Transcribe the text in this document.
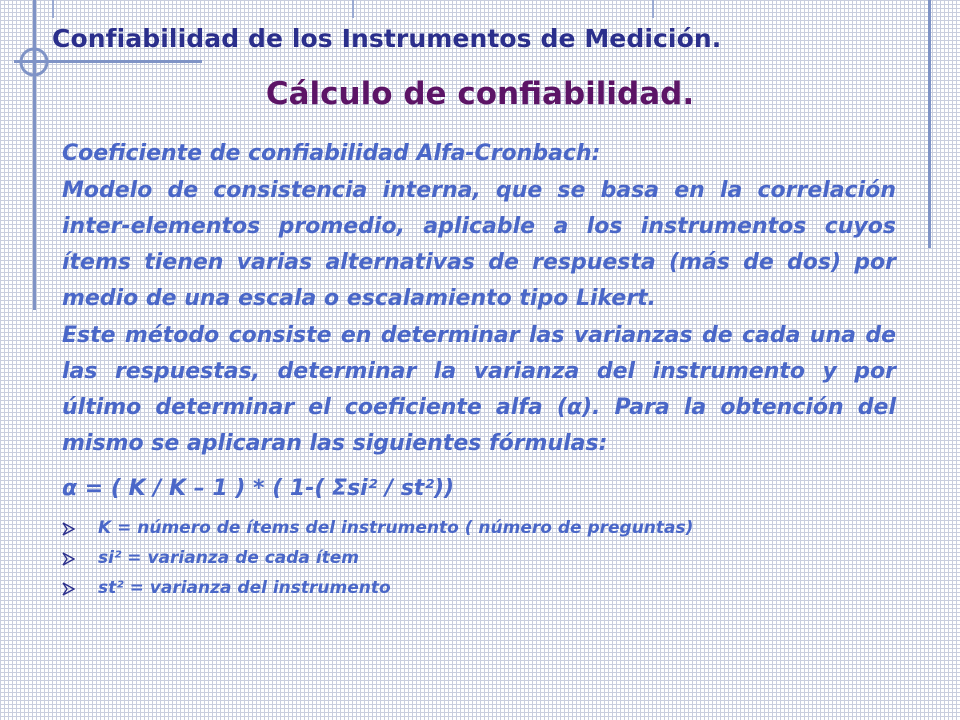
Confiabilidad de los Instrumentos de Medición.
Cálculo de confiabilidad.

Coeficiente de confiabilidad Alfa-Cronbach:

Modelo de consistencia interna, que se basa en la correlación inter-elementos promedio, aplicable a los instrumentos cuyos ítems tienen varias alternativas de respuesta (más de dos) por medio de una escala o escalamiento tipo Likert.

Este método consiste en determinar las varianzas de cada una de las respuestas, determinar la varianza del instrumento y por último determinar el coeficiente alfa (α). Para la obtención del mismo se aplicaran las siguientes fórmulas:

α = ( K / K – 1 ) * ( 1-( Σsi² / st²))

K = número de ítems del instrumento ( número de preguntas)
si² = varianza de cada ítem
st² = varianza del instrumento
